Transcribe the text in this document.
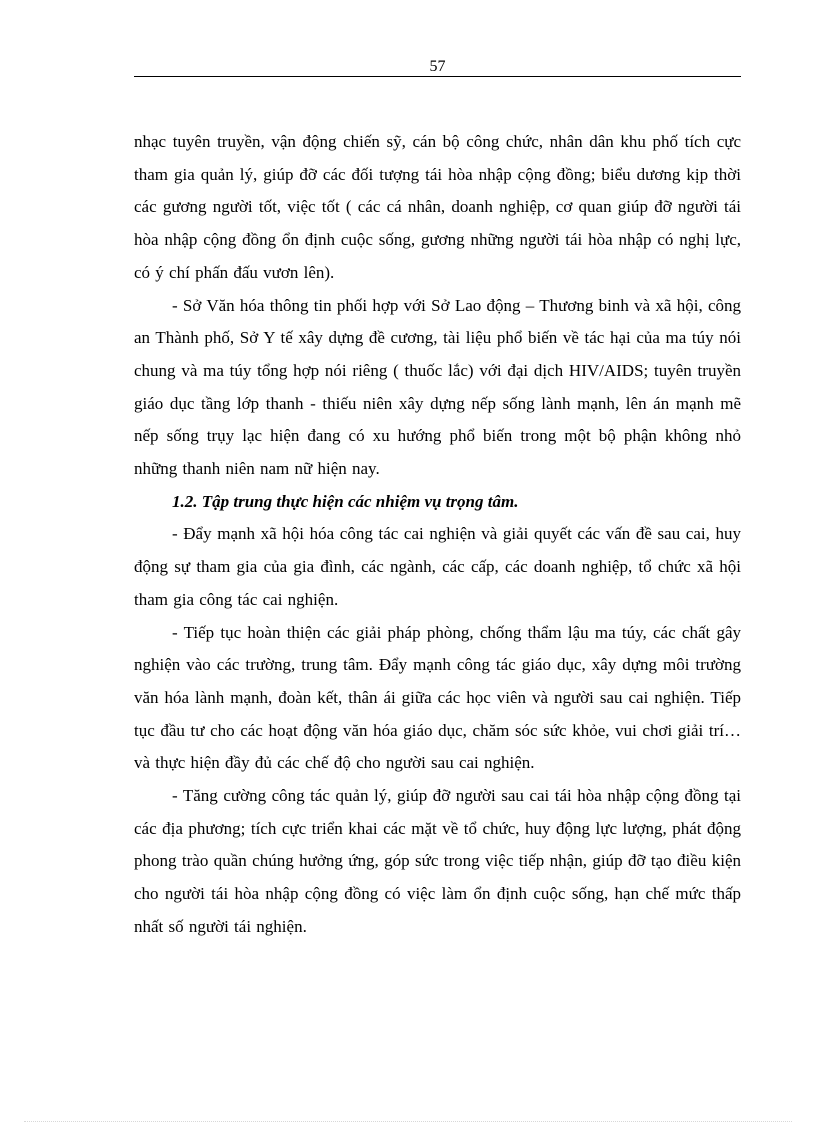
57

nhạc tuyên truyền, vận động chiến sỹ, cán bộ công chức, nhân dân khu phố tích cực tham gia quản lý, giúp đỡ các đối tượng tái hòa nhập cộng đồng; biểu dương kịp thời các gương người tốt, việc tốt ( các cá nhân, doanh nghiệp, cơ quan giúp đỡ người tái hòa nhập cộng đồng ổn định cuộc sống, gương những người tái hòa nhập có nghị lực, có ý chí phấn đấu vươn lên).

- Sở Văn hóa thông tin phối hợp với Sở Lao động – Thương binh và xã hội, công an Thành phố, Sở Y tế xây dựng đề cương, tài liệu phổ biến về tác hại của ma túy nói chung và ma túy tổng hợp nói riêng ( thuốc lắc) với đại dịch HIV/AIDS; tuyên truyền giáo dục tầng lớp thanh - thiếu niên xây dựng nếp sống lành mạnh, lên án mạnh mẽ nếp sống trụy lạc hiện đang có xu hướng phổ biến trong một bộ phận không nhỏ những thanh niên nam nữ hiện nay.

1.2. Tập trung thực hiện các nhiệm vụ trọng tâm.

- Đẩy mạnh xã hội hóa công tác cai nghiện và giải quyết các vấn đề sau cai, huy động sự tham gia của gia đình, các ngành, các cấp, các doanh nghiệp, tổ chức xã hội tham gia công tác cai nghiện.

- Tiếp tục hoàn thiện các giải pháp phòng, chống thẩm lậu ma túy, các chất gây nghiện vào các trường, trung tâm. Đẩy mạnh công tác giáo dục, xây dựng môi trường văn hóa lành mạnh, đoàn kết, thân ái giữa các học viên và người sau cai nghiện. Tiếp tục đầu tư cho các hoạt động văn hóa giáo dục, chăm sóc sức khỏe, vui chơi giải trí… và thực hiện đầy đủ các chế độ cho người sau cai nghiện.

- Tăng cường công tác quản lý, giúp đỡ người sau cai tái hòa nhập cộng đồng tại các địa phương; tích cực triển khai các mặt về tổ chức, huy động lực lượng, phát động phong trào quần chúng hưởng ứng, góp sức trong việc tiếp nhận, giúp đỡ tạo điều kiện cho người tái hòa nhập cộng đồng có việc làm ổn định cuộc sống, hạn chế mức thấp nhất số người tái nghiện.
